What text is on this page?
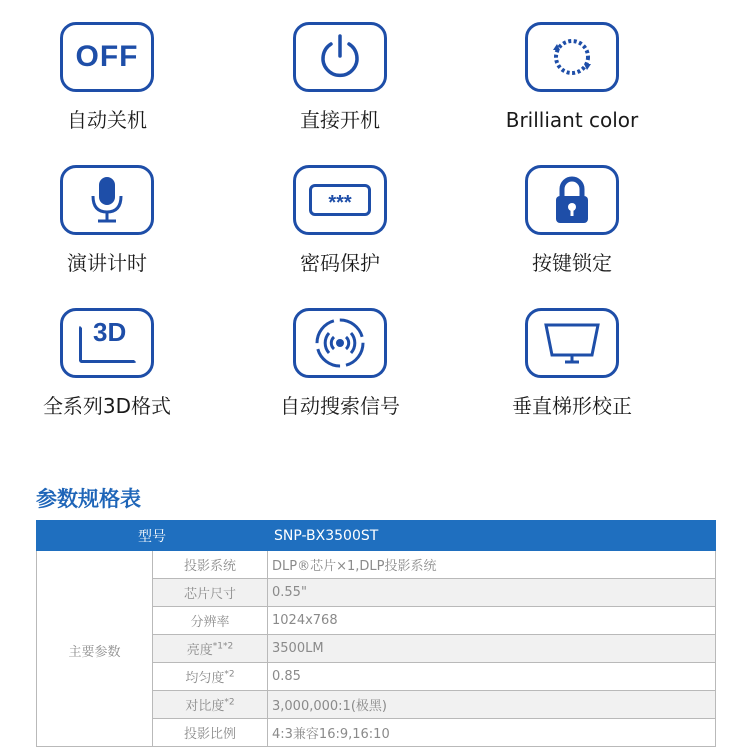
OFF
自动关机	直接开机	Brilliant color
演讲计时
***
密码保护	按键锁定
3D
全系列3D格式	自动搜索信号	垂直梯形校正
参数规格表
型号		SNP-BX3500ST
主要参数	投影系统	DLP®芯片×1,DLP投影系统
	芯片尺寸	0.55"
	分辨率	1024x768
	亮度$^{*1*2}$	3500LM
	均匀度$^{*2}$	0.85
	对比度$^{*2}$	3,000,000:1(极黑)
	投影比例	4:3兼容16:9,16:10
